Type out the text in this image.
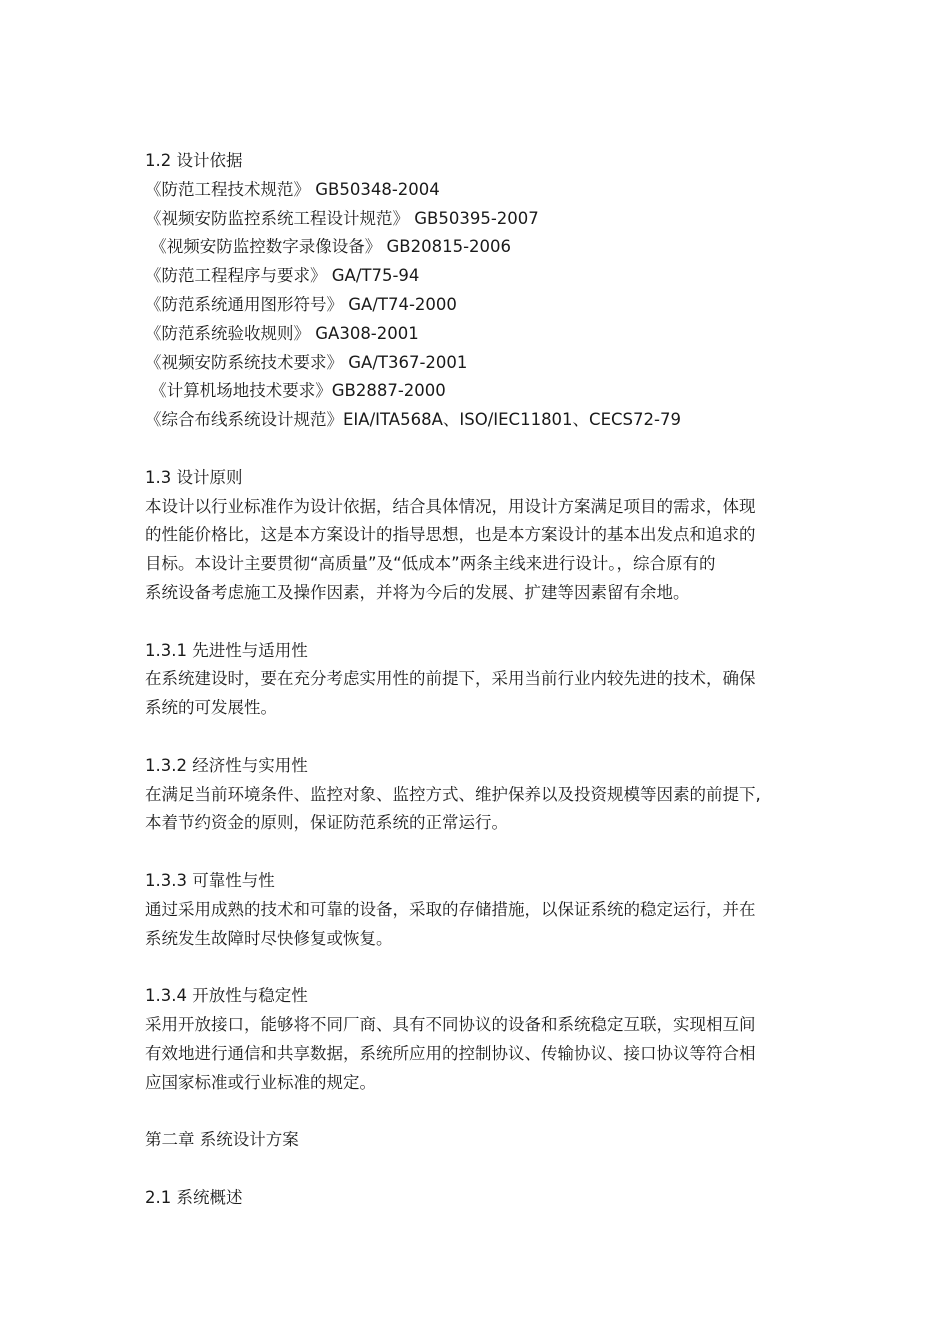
1.2 设计依据
《防范工程技术规范》 GB50348-2004
《视频安防监控系统工程设计规范》 GB50395-2007
《视频安防监控数字录像设备》 GB20815-2006
《防范工程程序与要求》 GA/T75-94
《防范系统通用图形符号》 GA/T74-2000
《防范系统验收规则》 GA308-2001
《视频安防系统技术要求》 GA/T367-2001
《计算机场地技术要求》GB2887-2000
《综合布线系统设计规范》EIA/ITA568A、ISO/IEC11801、CECS72-79
1.3 设计原则
本设计以行业标准作为设计依据，结合具体情况，用设计方案满足项目的需求，体现
的性能价格比，这是本方案设计的指导思想，也是本方案设计的基本出发点和追求的
目标。本设计主要贯彻“高质量”及“低成本”两条主线来进行设计。，综合原有的
系统设备考虑施工及操作因素，并将为今后的发展、扩建等因素留有余地。
1.3.1 先进性与适用性
在系统建设时，要在充分考虑实用性的前提下，采用当前行业内较先进的技术，确保
系统的可发展性。
1.3.2 经济性与实用性
在满足当前环境条件、监控对象、监控方式、维护保养以及投资规模等因素的前提下,
本着节约资金的原则，保证防范系统的正常运行。
1.3.3 可靠性与性
通过采用成熟的技术和可靠的设备，采取的存储措施，以保证系统的稳定运行，并在
系统发生故障时尽快修复或恢复。
1.3.4 开放性与稳定性
采用开放接口，能够将不同厂商、具有不同协议的设备和系统稳定互联，实现相互间
有效地进行通信和共享数据，系统所应用的控制协议、传输协议、接口协议等符合相
应国家标准或行业标准的规定。
第二章 系统设计方案
2.1 系统概述
